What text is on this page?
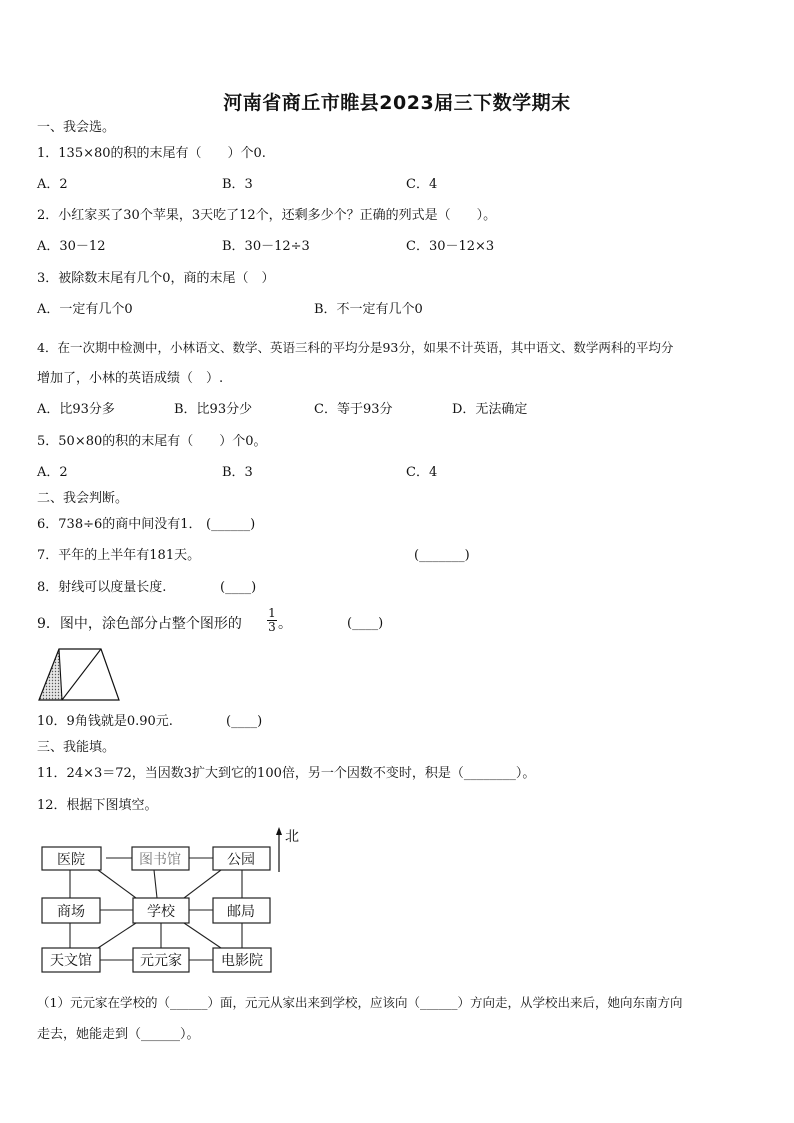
河南省商丘市睢县2023届三下数学期末
一、我会选。
1．135×80的积的末尾有（　　）个0.
A．2	B．3	C．4
2．小红家买了30个苹果，3天吃了12个，还剩多少个？正确的列式是（　　）。
A．30－12	B．30－12÷3	C．30－12×3
3．被除数末尾有几个0，商的末尾（　）
A．一定有几个0	B．不一定有几个0
4．在一次期中检测中，小林语文、数学、英语三科的平均分是93分，如果不计英语，其中语文、数学两科的平均分
增加了，小林的英语成绩（　）.
A．比93分多	B．比93分少	C．等于93分	D．无法确定
5．50×80的积的末尾有（　　）个0。
A．2	B．3	C．4
二、我会判断。
6．738÷6的商中间没有1． (______)
7．平年的上半年有181天。	(_______)
8．射线可以度量长度.	(____)
9．图中，涂色部分占整个图形的 $\frac{1}{3}$ 。	(____)
10．9角钱就是0.90元.	(____)
三、我能填。
11．24×3＝72，当因数3扩大到它的100倍，另一个因数不变时，积是（________）。
12．根据下图填空。
医院	图书馆	公园
商场	学校	邮局
天文馆	元元家	电影院
北
（1）元元家在学校的（______）面，元元从家出来到学校，应该向（______）方向走，从学校出来后，她向东南方向
走去，她能走到（______）。
